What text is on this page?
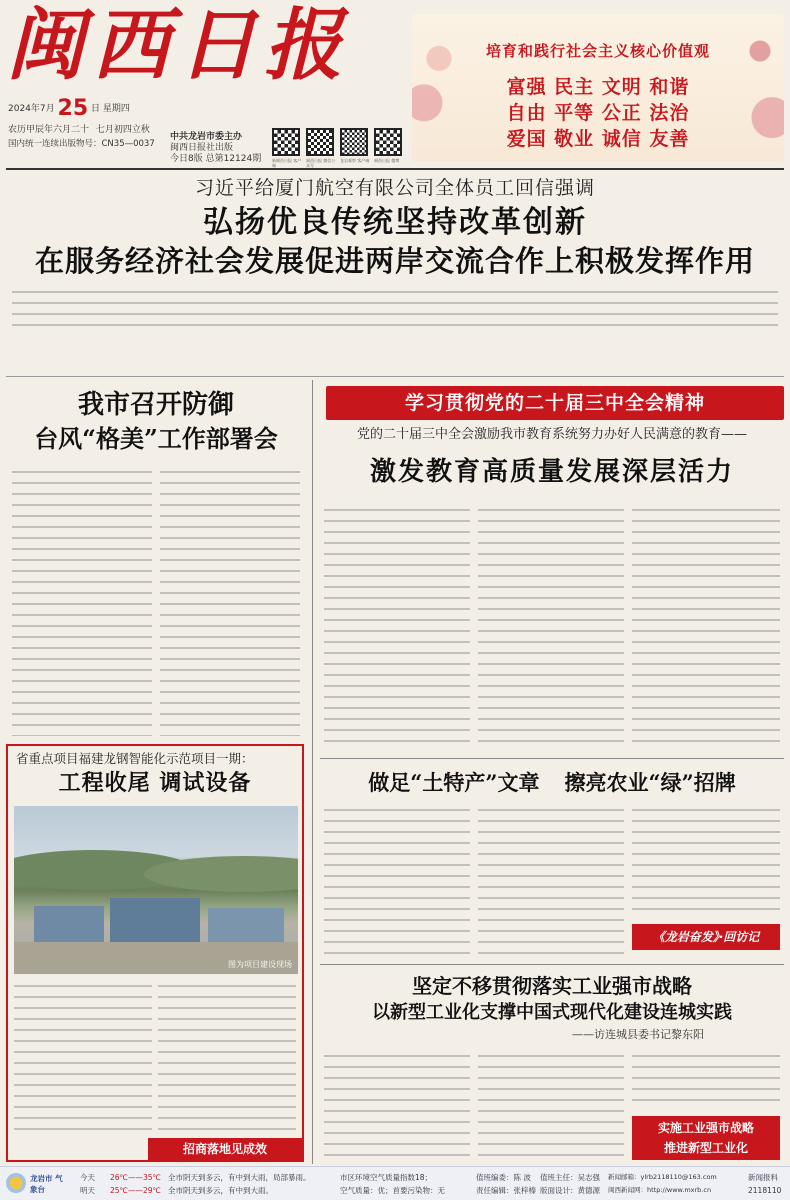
闽西日报
2024年7月 25 日 星期四
农历甲辰年六月二十 七月初四立秋
国内统一连续出版物号：CN35—0037
中共龙岩市委主办
闽西日报社出版
今日8版 总第12124期	新闽西日报 客户端
闽西日报 微信公众号
龙岩观察 客户端	闽西日报 微博
培育和践行社会主义核心价值观
富强 民主 文明 和谐
自由 平等 公正 法治
爱国 敬业 诚信 友善
习近平给厦门航空有限公司全体员工回信强调
弘扬优良传统坚持改革创新
在服务经济社会发展促进两岸交流合作上积极发挥作用
我市召开防御
台风“格美”工作部署会
省重点项目福建龙钢智能化示范项目一期：
工程收尾 调试设备
图为项目建设现场
招商落地见成效
学习贯彻党的二十届三中全会精神
党的二十届三中全会激励我市教育系统努力办好人民满意的教育——
激发教育高质量发展深层活力
做足“土特产”文章 擦亮农业“绿”招牌
《龙岩奋发》·回访记
坚定不移贯彻落实工业强市战略
以新型工业化支撑中国式现代化建设连城实践
——访连城县委书记黎东阳
实施工业强市战略
推进新型工业化
龙岩市 气象台
今天
明天
26℃——35℃
25℃——29℃
全市阴天到多云，有中到大雨，局部暴雨。
全市阴天到多云，有中到大雨。
市区环境空气质量指数18；
空气质量：优；首要污染物：无
值班编委：陈 波 值班主任：吴志强
责任编辑：张梓榛 版面设计：黄德源
新闻邮箱：ylrb2118110@163.com
闽西新闻网：http://www.mxrb.cn
新闻报料
2118110
